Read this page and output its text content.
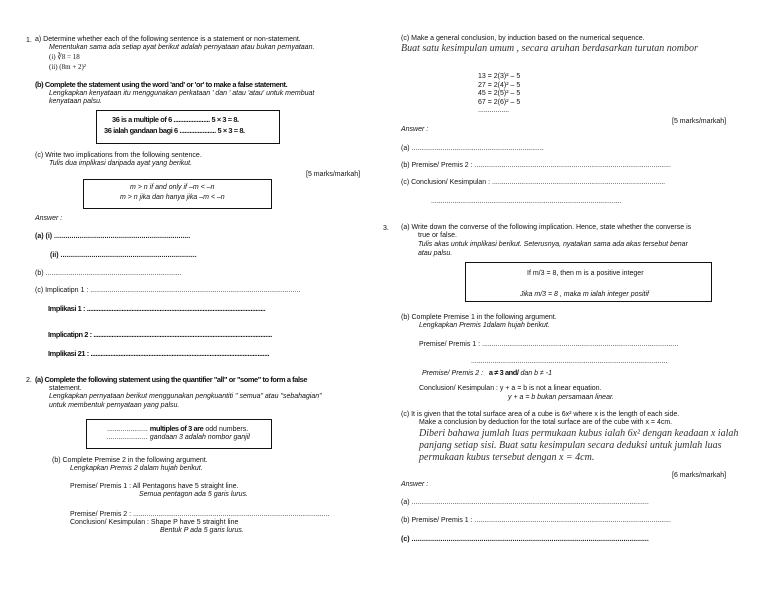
1. a) Determine whether each of the following sentence is a statement or non-statement.
Menentukan sama ada setiap ayat berikut adalah pernyataan atau bukan pernyataan.
(i) ∛8 = 18
(ii) (8m + 2)²
(b) Complete the statement using the word 'and' or 'or' to make a false statement.
Lengkapkan kenyataan itu menggunakan perkataan ' dan ' atau 'atau' untuk membuat
kenyataan palsu.
36 is a multiple of 6 ...................... 5 × 3 = 8.
36 ialah gandaan bagi 6 ...................... 5 × 3 = 8.
(c) Write two implications from the following sentence.
Tulis dua implikasi daripada ayat yang berikut.
[5 marks/markah]
m > n if and only if –m < –n
m > n jika dan hanya jika –m < –n
Answer :
(a) (i) ......................................................................
(ii) ......................................................................
(b) ......................................................................
(c) Implicatipn 1 : ............................................................................................................
Implikasi 1 : ............................................................................................................
Implicatipn 2 : ............................................................................................................
Implikasi 21 : ............................................................................................................
2. (a) Complete the following statement using the quantifier "all" or "some" to form a false
statement.
Lengkapkan pernyataan berikut menggunakan pengkuantiti " semua" atau "sebahagian"
untuk membentuk pernyataan yang palsu.
..................... multiples of 3 are odd numbers.
..................... gandaan 3 adalah nombor ganjil
(b) Complete Premise 2 in the following argument.
Lengkapkan Premis 2 dalam hujah berikut.
Premise/ Premis 1 : All Pentagons have 5 straight line.
Semua pentagon ada 5 garis lurus.
Premise/ Premis 2 : .....................................................................................................
Conclusion/ Kesimpulan : Shape P have 5 straight line
Bentuk P ada 5 garis lurus.
(c) Make a general conclusion, by induction based on the numerical sequence.
Buat satu kesimpulan umum , secara aruhan berdasarkan turutan nombor
13 = 2(3)² – 5
27 = 2(4)² – 5
45 = 2(5)² – 5
67 = 2(6)² – 5
................
[5 marks/markah]
Answer :
(a) ....................................................................
(b) Premise/ Premis 2 : .....................................................................................................
(c) Conclusion/ Kesimpulan : .........................................................................................
..................................................................................................
3. (a) Write down the converse of the following implication. Hence, state whether the converse is
true or false.
Tulis akas untuk implikasi berikut. Seterusnya, nyatakan sama ada akas tersebut benar
atau palsu.
If m/3 = 8, then m is a positive integer
Jika m/3 = 8 , maka m ialah integer positif
(b) Complete Premise 1 in the following argument.
Lengkapkan Premis 1dalam hujah berikut.
Premise/ Premis 1 : .....................................................................................................
.....................................................................................................
Premise/ Premis 2 : a ≠ 3 and/ dan b ≠ -1
Conclusion/ Kesimpulan : y + a = b is not a linear equation.
y + a = b bukan persamaan linear.
(c) It is given that the total surface area of a cube is 6x² where x is the length of each side.
Make a conclusion by deduction for the total surface are of the cube with x = 4cm.
Diberi bahawa jumlah luas permukaan kubus ialah 6x² dengan keadaan x ialah
panjang setiap sisi. Buat satu kesimpulan secara deduksi untuk jumlah luas
permukaan kubus tersebut dengan x = 4cm.
[6 marks/markah]
Answer :
(a) ..........................................................................................................................
(b) Premise/ Premis 1 : .....................................................................................................
(c) ..........................................................................................................................
